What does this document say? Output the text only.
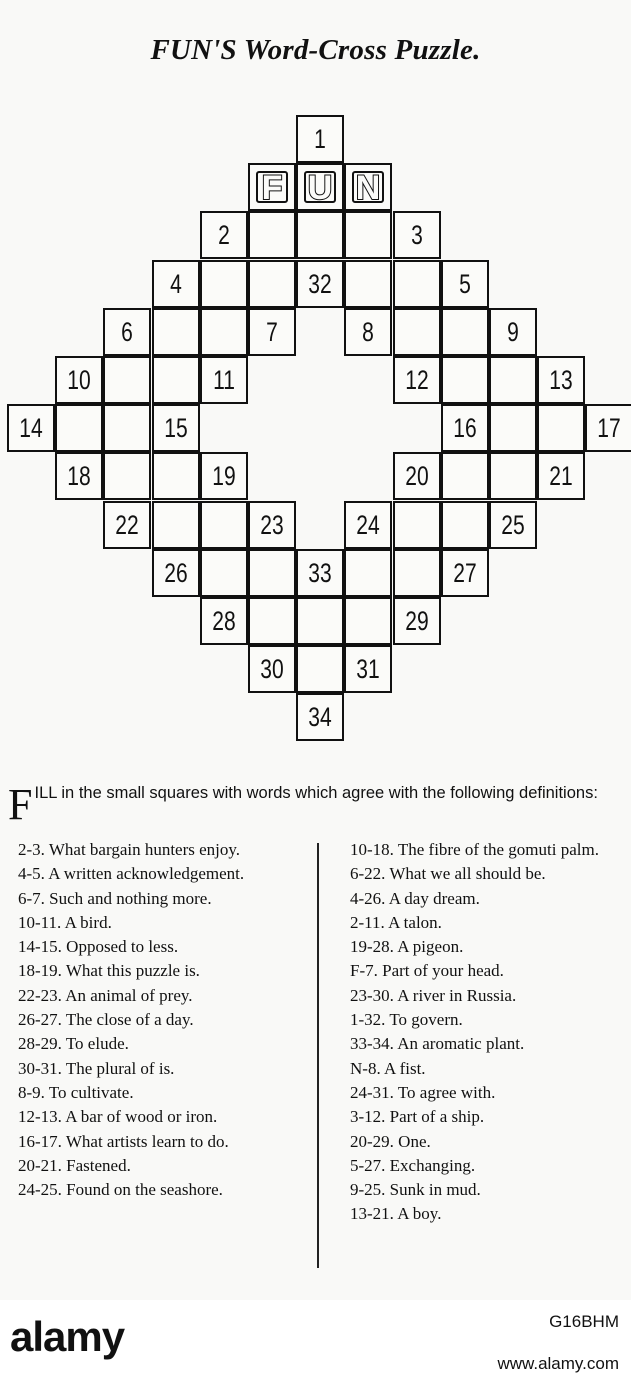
FUN'S Word-Cross Puzzle.
1
F U N
2	3
4	32	5
6	7	8	9
10	11	12	13
14	15	16	17
18	19	20	21
22	23	24	25
26	33	27
28	29
30	31
34
F ILL in the small squares with words which agree with the following definitions:
2-3. What bargain hunters enjoy.
4-5. A written acknowledgement.
6-7. Such and nothing more.
10-11. A bird.
14-15. Opposed to less.
18-19. What this puzzle is.
22-23. An animal of prey.
26-27. The close of a day.
28-29. To elude.
30-31. The plural of is.
8-9. To cultivate.
12-13. A bar of wood or iron.
16-17. What artists learn to do.
20-21. Fastened.
24-25. Found on the seashore.
10-18. The fibre of the gomuti palm.
6-22. What we all should be.
4-26. A day dream.
2-11. A talon.
19-28. A pigeon.
F-7. Part of your head.
23-30. A river in Russia.
1-32. To govern.
33-34. An aromatic plant.
N-8. A fist.
24-31. To agree with.
3-12. Part of a ship.
20-29. One.
5-27. Exchanging.
9-25. Sunk in mud.
13-21. A boy.
alamy	G16BHM
www.alamy.com
